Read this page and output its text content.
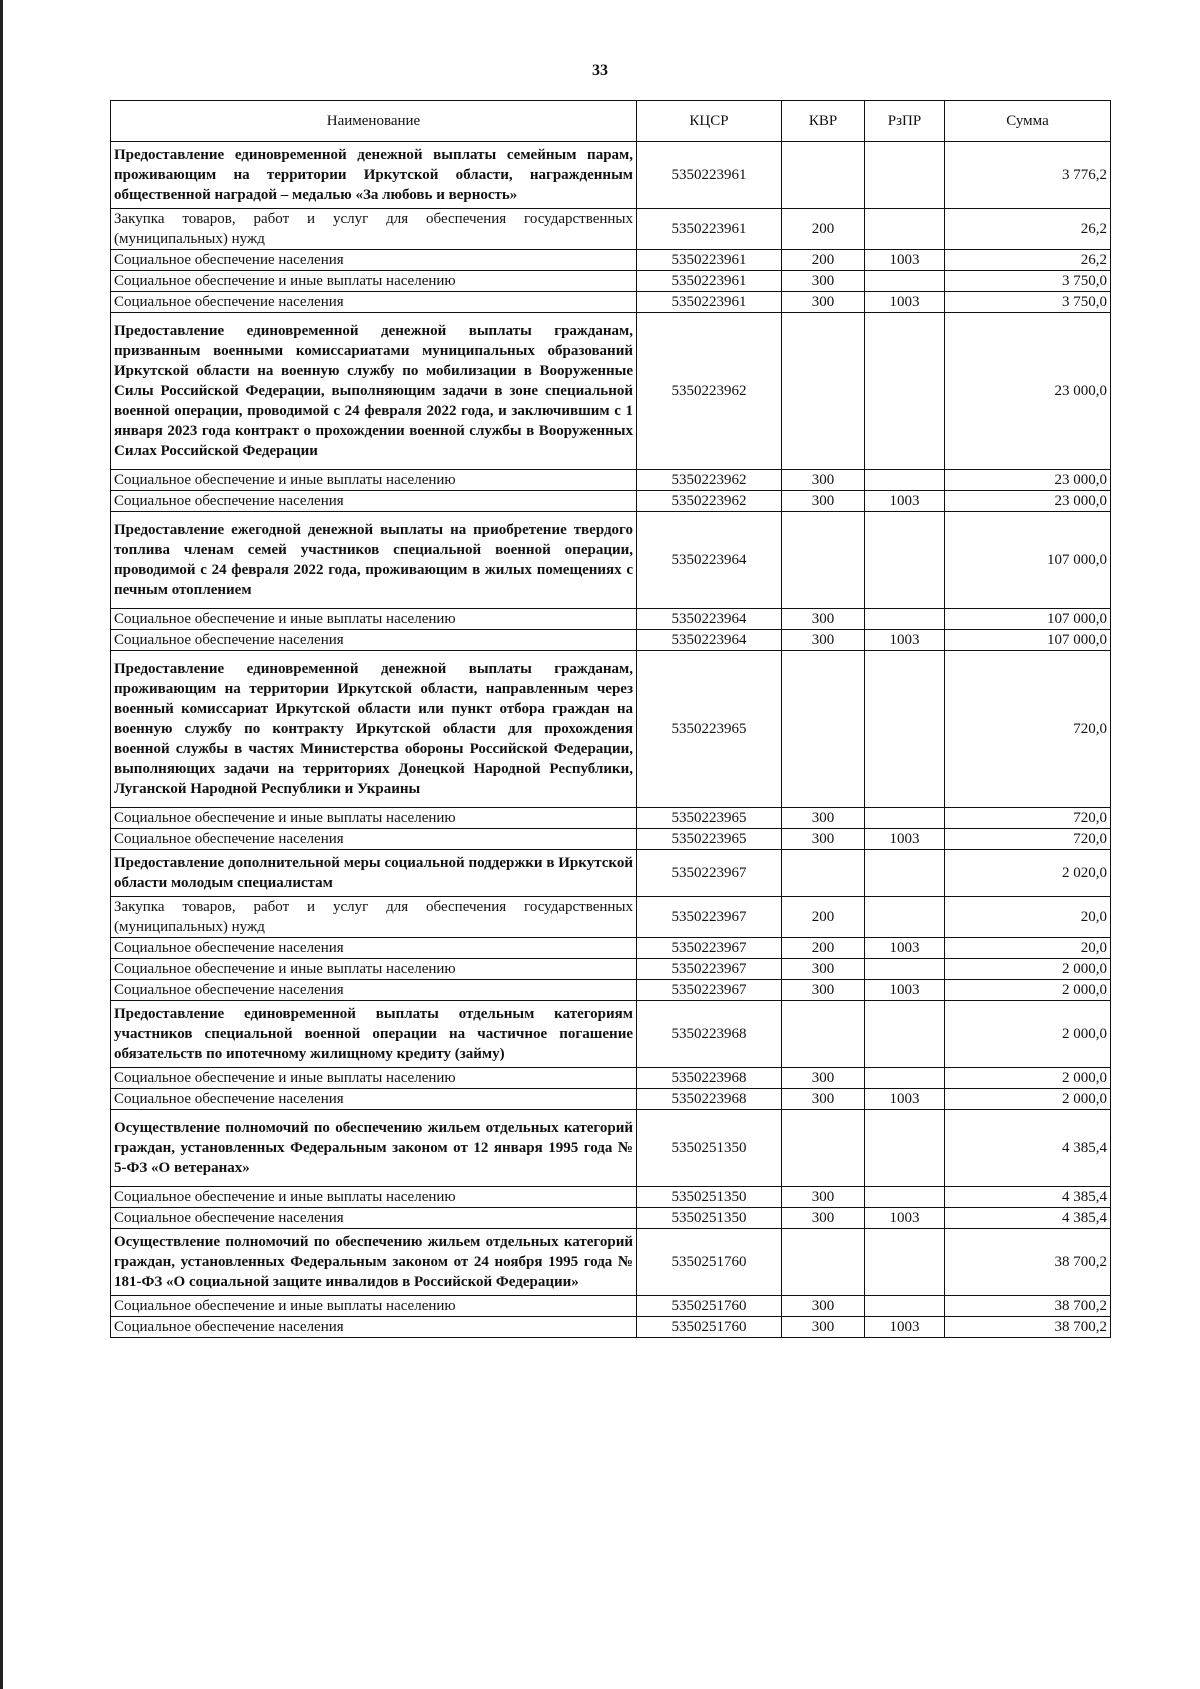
33
Наименование	КЦСР	КВР	РзПР	Сумма
Предоставление единовременной денежной выплаты семейным парам, проживающим на территории Иркутской области, награжденным общественной наградой – медалью «За любовь и верность»	5350223961			3 776,2
Закупка товаров, работ и услуг для обеспечения государственных (муниципальных) нужд	5350223961	200		26,2
Социальное обеспечение населения	5350223961	200	1003	26,2
Социальное обеспечение и иные выплаты населению	5350223961	300		3 750,0
Социальное обеспечение населения	5350223961	300	1003	3 750,0
Предоставление единовременной денежной выплаты гражданам, призванным военными комиссариатами муниципальных образований Иркутской области на военную службу по мобилизации в Вооруженные Силы Российской Федерации, выполняющим задачи в зоне специальной военной операции, проводимой с 24 февраля 2022 года, и заключившим с 1 января 2023 года контракт о прохождении военной службы в Вооруженных Силах Российской Федерации	5350223962			23 000,0
Социальное обеспечение и иные выплаты населению	5350223962	300		23 000,0
Социальное обеспечение населения	5350223962	300	1003	23 000,0
Предоставление ежегодной денежной выплаты на приобретение твердого топлива членам семей участников специальной военной операции, проводимой с 24 февраля 2022 года, проживающим в жилых помещениях с печным отоплением	5350223964			107 000,0
Социальное обеспечение и иные выплаты населению	5350223964	300		107 000,0
Социальное обеспечение населения	5350223964	300	1003	107 000,0
Предоставление единовременной денежной выплаты гражданам, проживающим на территории Иркутской области, направленным через военный комиссариат Иркутской области или пункт отбора граждан на военную службу по контракту Иркутской области для прохождения военной службы в частях Министерства обороны Российской Федерации, выполняющих задачи на территориях Донецкой Народной Республики, Луганской Народной Республики и Украины	5350223965			720,0
Социальное обеспечение и иные выплаты населению	5350223965	300		720,0
Социальное обеспечение населения	5350223965	300	1003	720,0
Предоставление дополнительной меры социальной поддержки в Иркутской области молодым специалистам	5350223967			2 020,0
Закупка товаров, работ и услуг для обеспечения государственных (муниципальных) нужд	5350223967	200		20,0
Социальное обеспечение населения	5350223967	200	1003	20,0
Социальное обеспечение и иные выплаты населению	5350223967	300		2 000,0
Социальное обеспечение населения	5350223967	300	1003	2 000,0
Предоставление единовременной выплаты отдельным категориям участников специальной военной операции на частичное погашение обязательств по ипотечному жилищному кредиту (займу)	5350223968			2 000,0
Социальное обеспечение и иные выплаты населению	5350223968	300		2 000,0
Социальное обеспечение населения	5350223968	300	1003	2 000,0
Осуществление полномочий по обеспечению жильем отдельных категорий граждан, установленных Федеральным законом от 12 января 1995 года № 5-ФЗ «О ветеранах»	5350251350			4 385,4
Социальное обеспечение и иные выплаты населению	5350251350	300		4 385,4
Социальное обеспечение населения	5350251350	300	1003	4 385,4
Осуществление полномочий по обеспечению жильем отдельных категорий граждан, установленных Федеральным законом от 24 ноября 1995 года № 181-ФЗ «О социальной защите инвалидов в Российской Федерации»	5350251760			38 700,2
Социальное обеспечение и иные выплаты населению	5350251760	300		38 700,2
Социальное обеспечение населения	5350251760	300	1003	38 700,2
